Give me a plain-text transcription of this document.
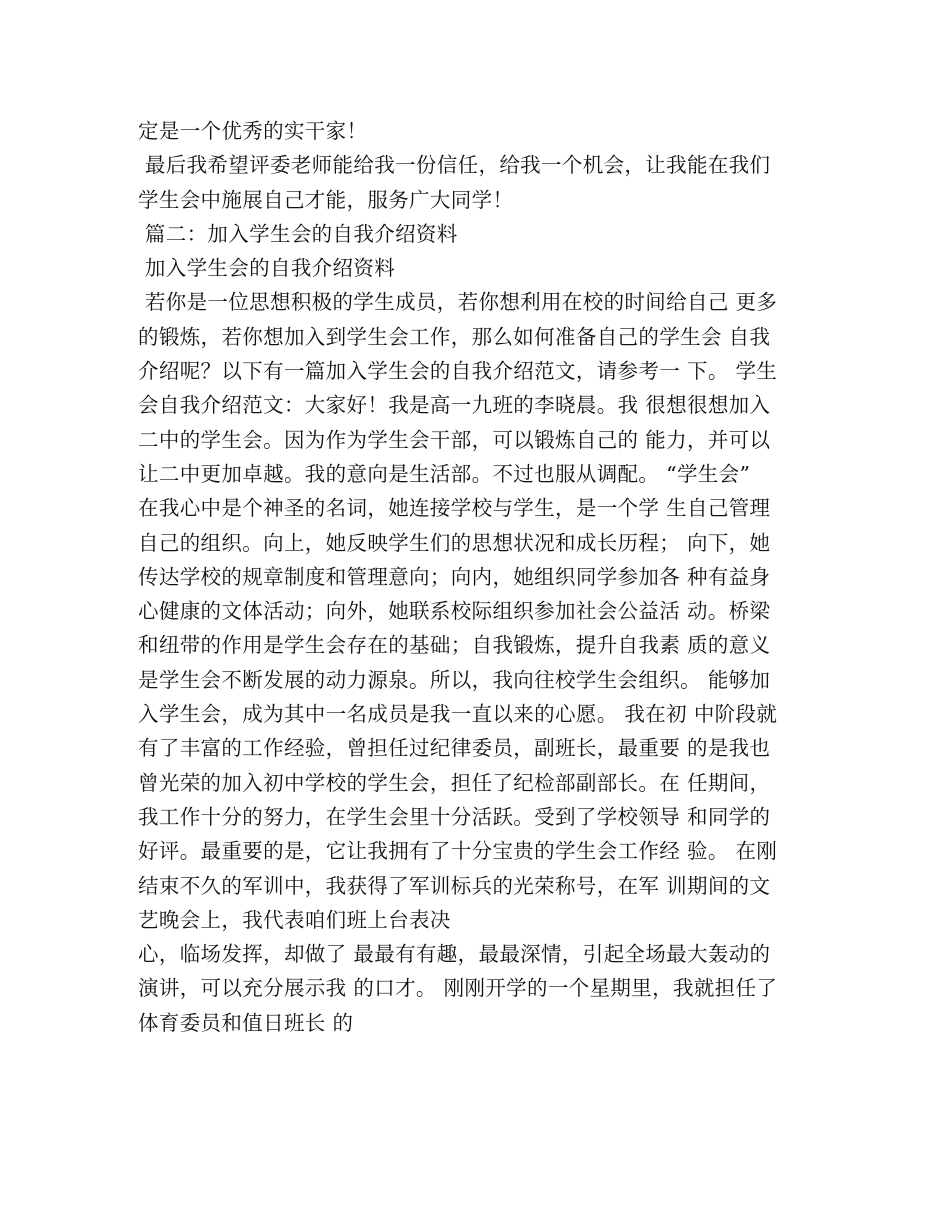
定是一个优秀的实干家！
最后我希望评委老师能给我一份信任，给我一个机会，让我能在我们
学生会中施展自己才能，服务广大同学！
篇二：加入学生会的自我介绍资料
加入学生会的自我介绍资料
若你是一位思想积极的学生成员，若你想利用在校的时间给自己 更多
的锻炼，若你想加入到学生会工作，那么如何准备自己的学生会 自我
介绍呢？以下有一篇加入学生会的自我介绍范文，请参考一 下。 学生
会自我介绍范文：大家好！我是高一九班的李晓晨。我 很想很想加入
二中的学生会。因为作为学生会干部，可以锻炼自己的 能力，并可以
让二中更加卓越。我的意向是生活部。不过也服从调配。 “学生会”
在我心中是个神圣的名词，她连接学校与学生，是一个学 生自己管理
自己的组织。向上，她反映学生们的思想状况和成长历程； 向下，她
传达学校的规章制度和管理意向；向内，她组织同学参加各 种有益身
心健康的文体活动；向外，她联系校际组织参加社会公益活 动。桥梁
和纽带的作用是学生会存在的基础；自我锻炼，提升自我素 质的意义
是学生会不断发展的动力源泉。所以，我向往校学生会组织。 能够加
入学生会，成为其中一名成员是我一直以来的心愿。 我在初 中阶段就
有了丰富的工作经验，曾担任过纪律委员，副班长，最重要 的是我也
曾光荣的加入初中学校的学生会，担任了纪检部副部长。在 任期间，
我工作十分的努力，在学生会里十分活跃。受到了学校领导 和同学的
好评。最重要的是，它让我拥有了十分宝贵的学生会工作经 验。 在刚
结束不久的军训中，我获得了军训标兵的光荣称号，在军 训期间的文
艺晚会上，我代表咱们班上台表决
心，临场发挥，却做了 最最有有趣，最最深情，引起全场最大轰动的
演讲，可以充分展示我 的口才。 刚刚开学的一个星期里，我就担任了
体育委员和值日班长 的
